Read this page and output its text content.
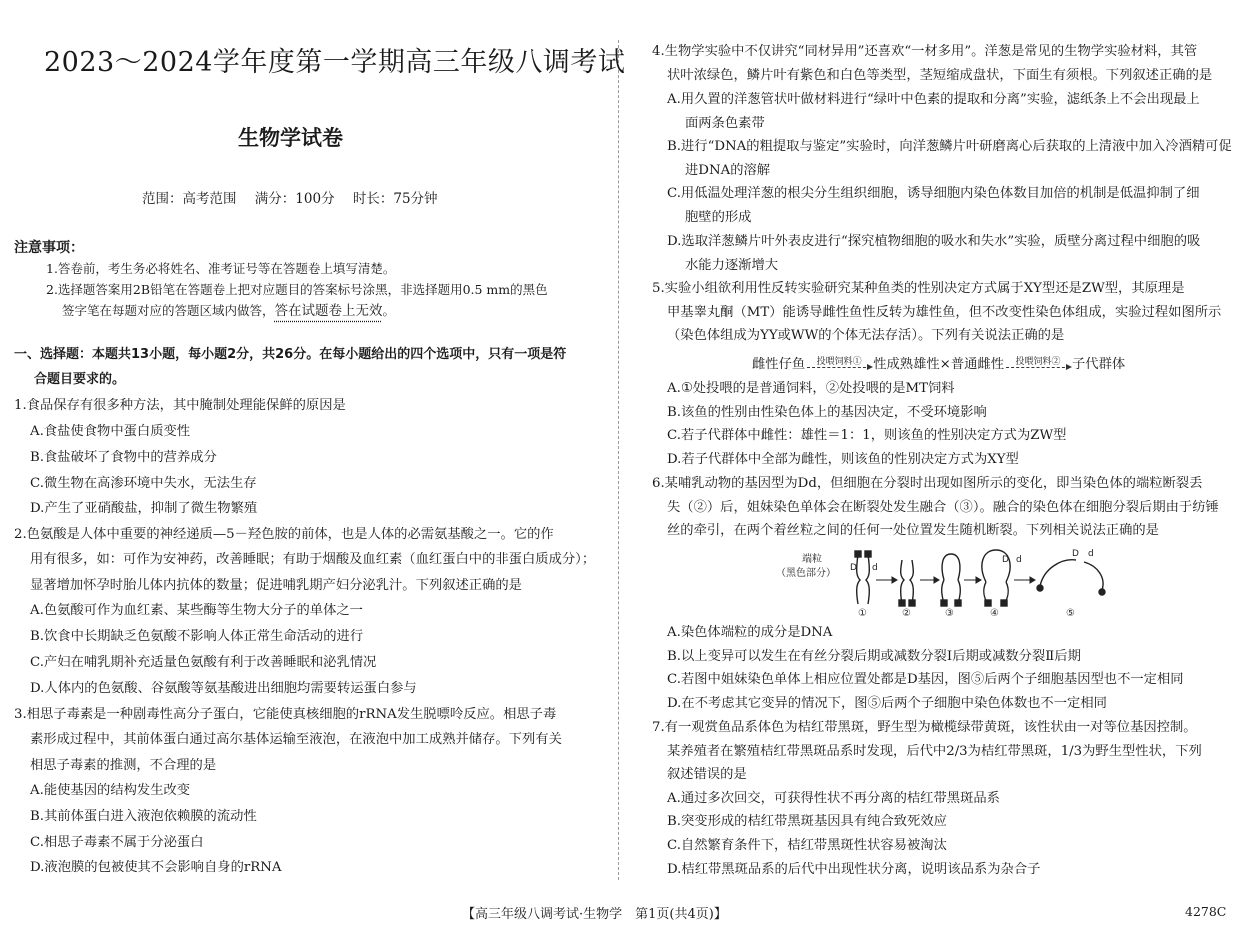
2023～2024学年度第一学期高三年级八调考试
生物学试卷
范围：高考范围 满分：100分 时长：75分钟
注意事项：
1.答卷前，考生务必将姓名、准考证号等在答题卷上填写清楚。
2.选择题答案用2B铅笔在答题卷上把对应题目的答案标号涂黑，非选择题用0.5 mm的黑色
签字笔在每题对应的答题区域内做答，答在试题卷上无效。
一、选择题：本题共13小题，每小题2分，共26分。在每小题给出的四个选项中，只有一项是符
合题目要求的。
1.食品保存有很多种方法，其中腌制处理能保鲜的原因是
A.食盐使食物中蛋白质变性
B.食盐破坏了食物中的营养成分
C.微生物在高渗环境中失水，无法生存
D.产生了亚硝酸盐，抑制了微生物繁殖
2.色氨酸是人体中重要的神经递质—5－羟色胺的前体，也是人体的必需氨基酸之一。它的作
用有很多，如：可作为安神药，改善睡眠；有助于烟酸及血红素（血红蛋白中的非蛋白质成分）；
显著增加怀孕时胎儿体内抗体的数量；促进哺乳期产妇分泌乳汁。下列叙述正确的是
A.色氨酸可作为血红素、某些酶等生物大分子的单体之一
B.饮食中长期缺乏色氨酸不影响人体正常生命活动的进行
C.产妇在哺乳期补充适量色氨酸有利于改善睡眠和泌乳情况
D.人体内的色氨酸、谷氨酸等氨基酸进出细胞均需要转运蛋白参与
3.相思子毒素是一种剧毒性高分子蛋白，它能使真核细胞的rRNA发生脱嘌呤反应。相思子毒
素形成过程中，其前体蛋白通过高尔基体运输至液泡，在液泡中加工成熟并储存。下列有关
相思子毒素的推测，不合理的是
A.能使基因的结构发生改变
B.其前体蛋白进入液泡依赖膜的流动性
C.相思子毒素不属于分泌蛋白
D.液泡膜的包被使其不会影响自身的rRNA
4.生物学实验中不仅讲究“同材异用”还喜欢“一材多用”。洋葱是常见的生物学实验材料，其管
状叶浓绿色，鳞片叶有紫色和白色等类型，茎短缩成盘状，下面生有须根。下列叙述正确的是
A.用久置的洋葱管状叶做材料进行“绿叶中色素的提取和分离”实验，滤纸条上不会出现最上
面两条色素带
B.进行“DNA的粗提取与鉴定”实验时，向洋葱鳞片叶研磨离心后获取的上清液中加入冷酒精可促
进DNA的溶解
C.用低温处理洋葱的根尖分生组织细胞，诱导细胞内染色体数目加倍的机制是低温抑制了细
胞壁的形成
D.选取洋葱鳞片叶外表皮进行“探究植物细胞的吸水和失水”实验，质壁分离过程中细胞的吸
水能力逐渐增大
5.实验小组欲利用性反转实验研究某种鱼类的性别决定方式属于XY型还是ZW型，其原理是
甲基睾丸酮（MT）能诱导雌性鱼性反转为雄性鱼，但不改变性染色体组成，实验过程如图所示
（染色体组成为YY或WW的个体无法存活）。下列有关说法正确的是
雌性仔鱼 投喂饲料① 性成熟雄性×普通雌性 投喂饲料② 子代群体
A.①处投喂的是普通饲料，②处投喂的是MT饲料
B.该鱼的性别由性染色体上的基因决定，不受环境影响
C.若子代群体中雌性：雄性＝1：1，则该鱼的性别决定方式为ZW型
D.若子代群体中全部为雌性，则该鱼的性别决定方式为XY型
6.某哺乳动物的基因型为Dd，但细胞在分裂时出现如图所示的变化，即当染色体的端粒断裂丢
失（②）后，姐妹染色单体会在断裂处发生融合（③）。融合的染色体在细胞分裂后期由于纺锤
丝的牵引，在两个着丝粒之间的任何一处位置发生随机断裂。下列相关说法正确的是
端粒
（黑色部分） D d
D d
D d
①	②	③	④	⑤
A.染色体端粒的成分是DNA
B.以上变异可以发生在有丝分裂后期或减数分裂Ⅰ后期或减数分裂Ⅱ后期
C.若图中姐妹染色单体上相应位置处都是D基因，图⑤后两个子细胞基因型也不一定相同
D.在不考虑其它变异的情况下，图⑤后两个子细胞中染色体数也不一定相同
7.有一观赏鱼品系体色为桔红带黑斑，野生型为橄榄绿带黄斑，该性状由一对等位基因控制。
某养殖者在繁殖桔红带黑斑品系时发现，后代中2/3为桔红带黑斑，1/3为野生型性状，下列
叙述错误的是
A.通过多次回交，可获得性状不再分离的桔红带黑斑品系
B.突变形成的桔红带黑斑基因具有纯合致死效应
C.自然繁育条件下，桔红带黑斑性状容易被淘汰
D.桔红带黑斑品系的后代中出现性状分离，说明该品系为杂合子
【高三年级八调考试·生物学　第1页(共4页)】	4278C
